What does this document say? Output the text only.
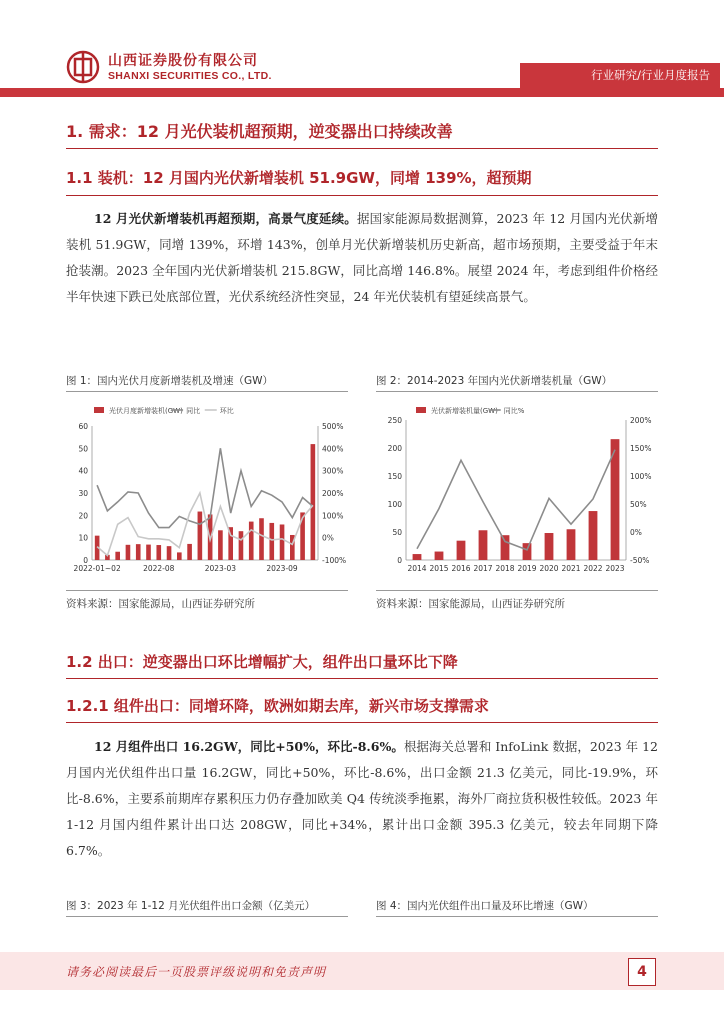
山西证券股份有限公司
SHANXI SECURITIES CO., LTD.	行业研究/行业月度报告
1. 需求：12 月光伏装机超预期，逆变器出口持续改善
1.1 装机：12 月国内光伏新增装机 51.9GW，同增 139%，超预期
12 月光伏新增装机再超预期，高景气度延续。据国家能源局数据测算，2023 年 12 月国内光伏新增装机 51.9GW，同增 139%，环增 143%，创单月光伏新增装机历史新高，超市场预期，主要受益于年末抢装潮。2023 全年国内光伏新增装机 215.8GW，同比高增 146.8%。展望 2024 年，考虑到组件价格经半年快速下跌已处底部位置，光伏系统经济性突显，24 年光伏装机有望延续高景气。
图 1：国内光伏月度新增装机及增速（GW）	图 2：2014-2023 年国内光伏新增装机量（GW）
0
10
20
30
40
50
60
-100%
0%
100%
200%
300%
400%
500%
2022-01~02	2022-08	2023-03	2023-09
光伏月度新增装机(GW) 同比	环比
0
50
100
150
200
250
-50%
0%
50%
100%
150%
200%
2014 2015 2016 2017 2018 2019 2020 2021 2022 2023
光伏新增装机量(GW) 同比%
资料来源：国家能源局，山西证券研究所	资料来源：国家能源局，山西证券研究所
1.2 出口：逆变器出口环比增幅扩大，组件出口量环比下降
1.2.1 组件出口：同增环降，欧洲如期去库，新兴市场支撑需求
12 月组件出口 16.2GW，同比+50%，环比-8.6%。根据海关总署和 InfoLink 数据，2023 年 12 月国内光伏组件出口量 16.2GW，同比+50%，环比-8.6%，出口金额 21.3 亿美元，同比-19.9%，环比-8.6%，主要系前期库存累积压力仍存叠加欧美 Q4 传统淡季拖累，海外厂商拉货积极性较低。2023 年 1-12 月国内组件累计出口达 208GW，同比+34%，累计出口金额 395.3 亿美元，较去年同期下降 6.7%。
图 3：2023 年 1-12 月光伏组件出口金额（亿美元）	图 4：国内光伏组件出口量及环比增速（GW）
请务必阅读最后一页股票评级说明和免责声明	4
